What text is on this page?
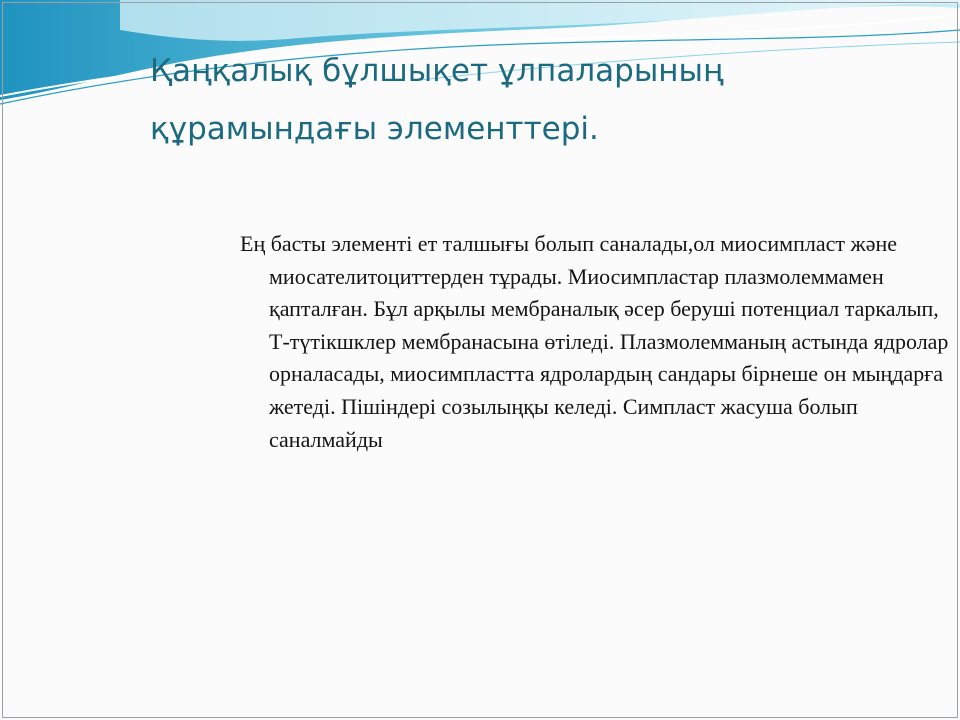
Қаңқалық бұлшықет ұлпаларының құрамындағы элементтері.

Ең басты элементі ет талшығы болып саналады,ол миосимпласт және миосателитоциттерден тұрады. Миосимпластар плазмолеммамен қапталған. Бұл арқылы мембраналық әсер беруші потенциал таркалып, Т-түтікшклер мембранасына өтіледі. Плазмолемманың астында ядролар орналасады, миосимпластта ядролардың сандары бірнеше он мыңдарға жетеді. Пішіндері созылыңқы келеді. Симпласт жасуша болып саналмайды
